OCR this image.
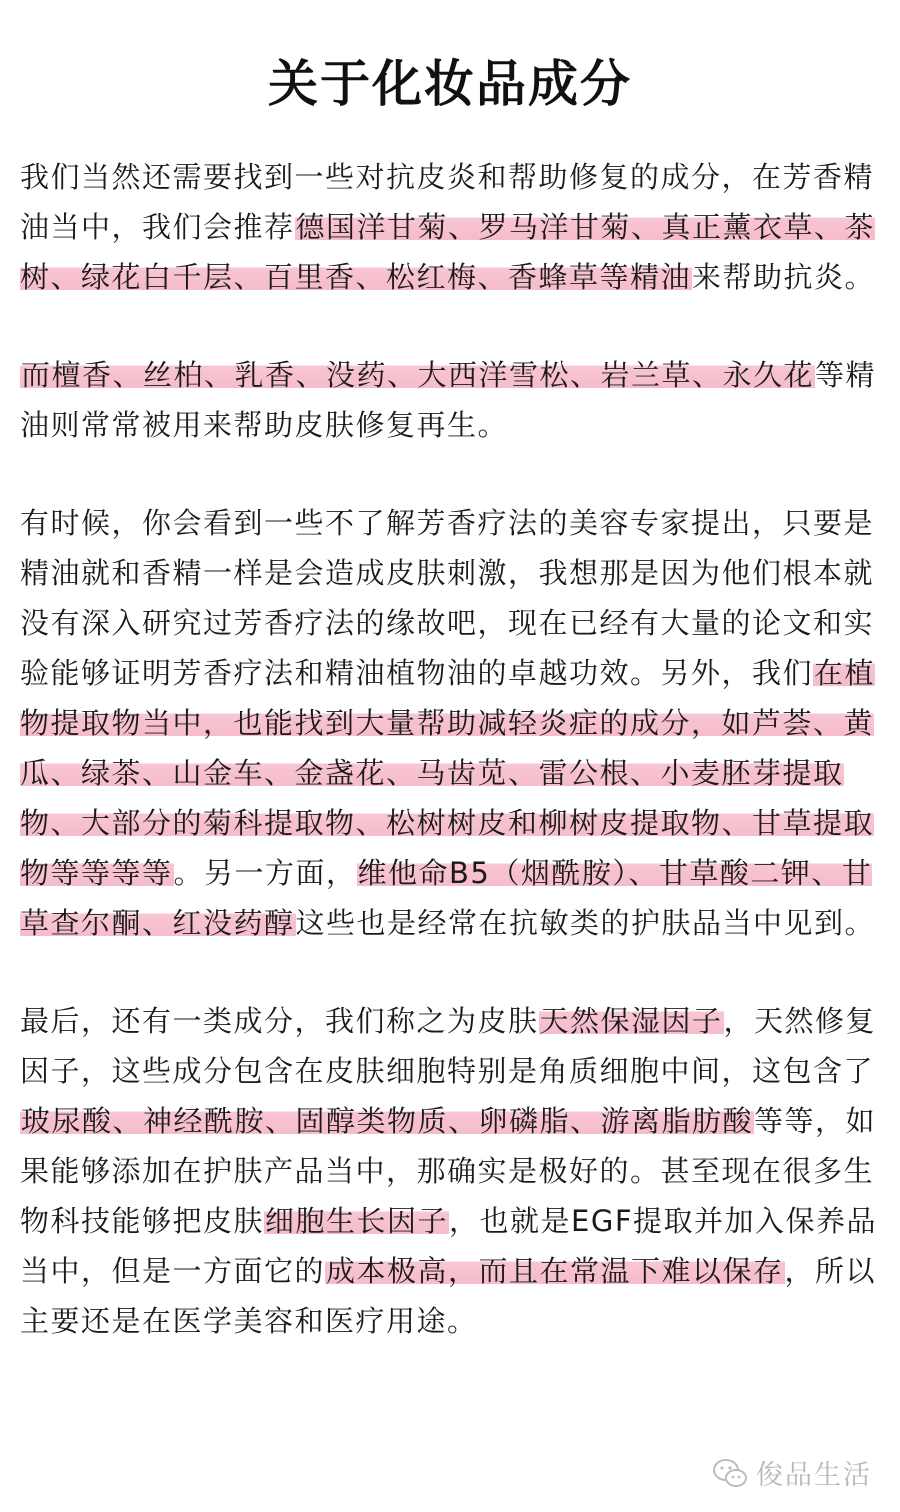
关于化妆品成分

我们当然还需要找到一些对抗皮炎和帮助修复的成分，在芳香精油当中，我们会推荐德国洋甘菊、罗马洋甘菊、真正薰衣草、茶树、绿花白千层、百里香、松红梅、香蜂草等精油来帮助抗炎。

而檀香、丝柏、乳香、没药、大西洋雪松、岩兰草、永久花等精油则常常被用来帮助皮肤修复再生。

有时候，你会看到一些不了解芳香疗法的美容专家提出，只要是精油就和香精一样是会造成皮肤刺激，我想那是因为他们根本就没有深入研究过芳香疗法的缘故吧，现在已经有大量的论文和实验能够证明芳香疗法和精油植物油的卓越功效。另外，我们在植物提取物当中，也能找到大量帮助减轻炎症的成分，如芦荟、黄瓜、绿茶、山金车、金盏花、马齿苋、雷公根、小麦胚芽提取物、大部分的菊科提取物、松树树皮和柳树皮提取物、甘草提取物等等等等。另一方面，维他命B5（烟酰胺）、甘草酸二钾、甘草查尔酮、红没药醇这些也是经常在抗敏类的护肤品当中见到。

最后，还有一类成分，我们称之为皮肤天然保湿因子，天然修复因子，这些成分包含在皮肤细胞特别是角质细胞中间，这包含了玻尿酸、神经酰胺、固醇类物质、卵磷脂、游离脂肪酸等等，如果能够添加在护肤产品当中，那确实是极好的。甚至现在很多生物科技能够把皮肤细胞生长因子，也就是EGF提取并加入保养品当中，但是一方面它的成本极高，而且在常温下难以保存，所以主要还是在医学美容和医疗用途。

俊品生活
